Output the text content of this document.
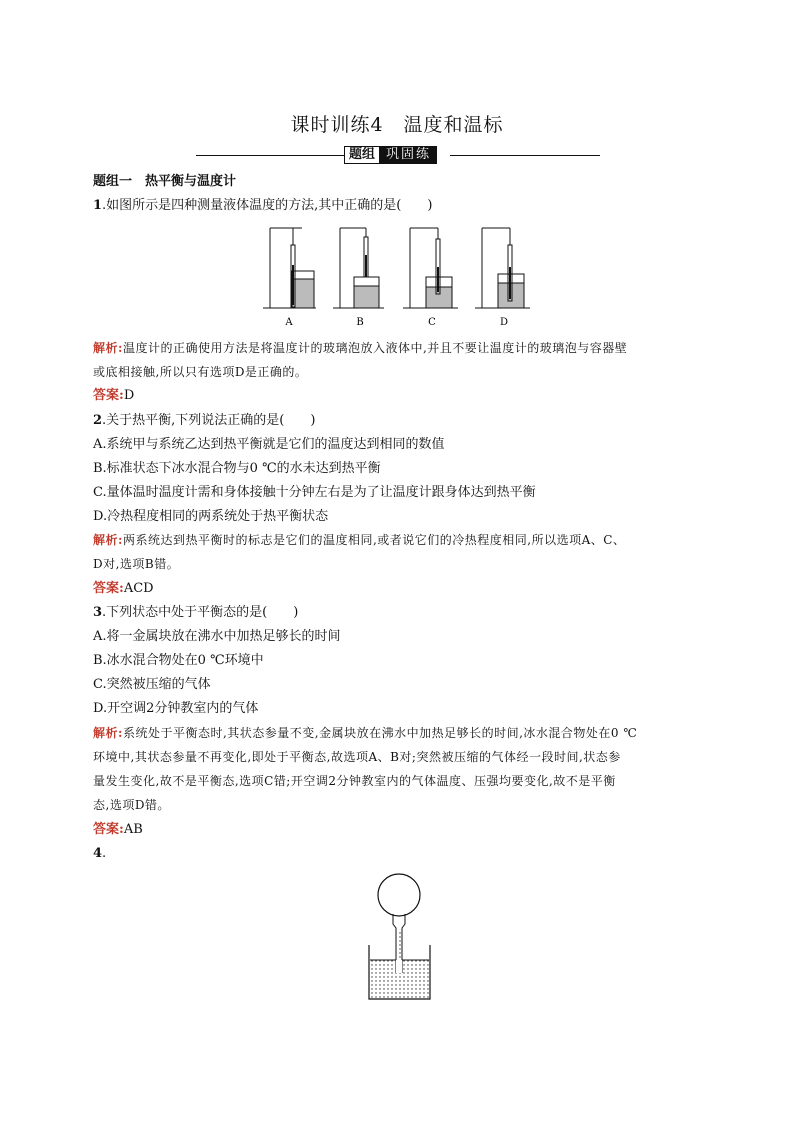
课时训练4　温度和温标
题组 巩固练
题组一　热平衡与温度计
1.如图所示是四种测量液体温度的方法,其中正确的是(　　)
A	B	C	D
解析:温度计的正确使用方法是将温度计的玻璃泡放入液体中,并且不要让温度计的玻璃泡与容器壁
或底相接触,所以只有选项D是正确的。
答案:D
2.关于热平衡,下列说法正确的是(　　)
A.系统甲与系统乙达到热平衡就是它们的温度达到相同的数值
B.标准状态下冰水混合物与0 ℃的水未达到热平衡
C.量体温时温度计需和身体接触十分钟左右是为了让温度计跟身体达到热平衡
D.冷热程度相同的两系统处于热平衡状态
解析:两系统达到热平衡时的标志是它们的温度相同,或者说它们的冷热程度相同,所以选项A、C、
D对,选项B错。
答案:ACD
3.下列状态中处于平衡态的是(　　)
A.将一金属块放在沸水中加热足够长的时间
B.冰水混合物处在0 ℃环境中
C.突然被压缩的气体
D.开空调2分钟教室内的气体
解析:系统处于平衡态时,其状态参量不变,金属块放在沸水中加热足够长的时间,冰水混合物处在0 ℃
环境中,其状态参量不再变化,即处于平衡态,故选项A、B对;突然被压缩的气体经一段时间,状态参
量发生变化,故不是平衡态,选项C错;开空调2分钟教室内的气体温度、压强均要变化,故不是平衡
态,选项D错。
答案:AB
4.
